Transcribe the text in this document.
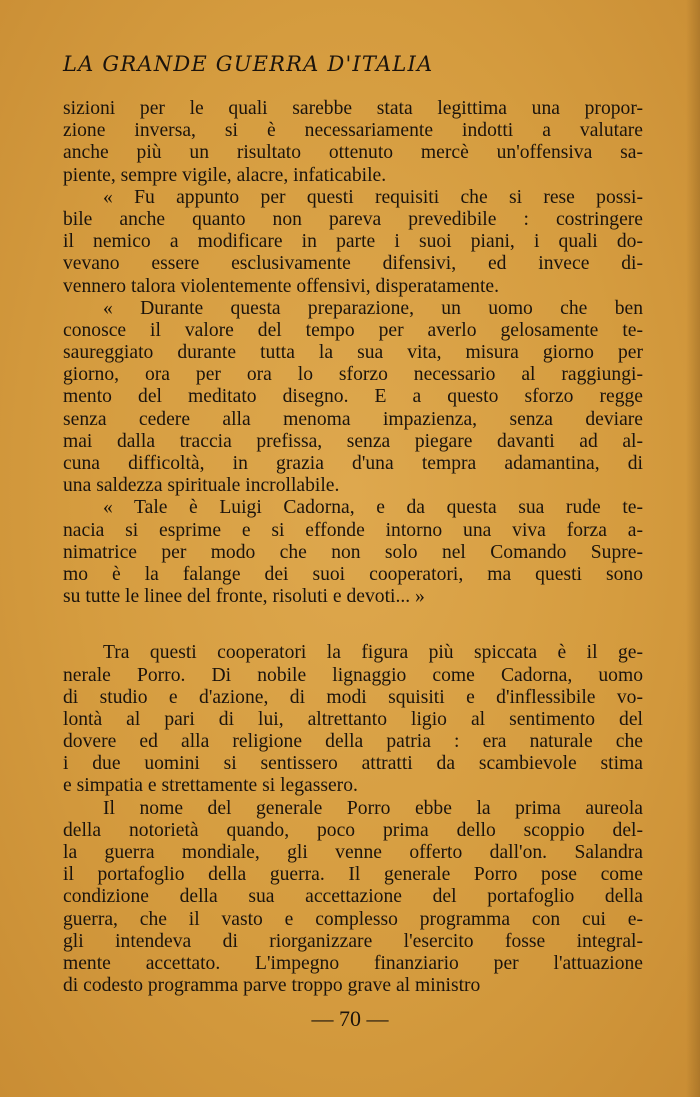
LA GRANDE GUERRA D'ITALIA
sizioni per le quali sarebbe stata legittima una propor-
zione inversa, si è necessariamente indotti a valutare
anche più un risultato ottenuto mercè un'offensiva sa-
piente, sempre vigile, alacre, infaticabile.
« Fu appunto per questi requisiti che si rese possi-
bile anche quanto non pareva prevedibile : costringere
il nemico a modificare in parte i suoi piani, i quali do-
vevano essere esclusivamente difensivi, ed invece di-
vennero talora violentemente offensivi, disperatamente.
« Durante questa preparazione, un uomo che ben
conosce il valore del tempo per averlo gelosamente te-
saureggiato durante tutta la sua vita, misura giorno per
giorno, ora per ora lo sforzo necessario al raggiungi-
mento del meditato disegno. E a questo sforzo regge
senza cedere alla menoma impazienza, senza deviare
mai dalla traccia prefissa, senza piegare davanti ad al-
cuna difficoltà, in grazia d'una tempra adamantina, di
una saldezza spirituale incrollabile.
« Tale è Luigi Cadorna, e da questa sua rude te-
nacia si esprime e si effonde intorno una viva forza a-
nimatrice per modo che non solo nel Comando Supre-
mo è la falange dei suoi cooperatori, ma questi sono
su tutte le linee del fronte, risoluti e devoti... »
Tra questi cooperatori la figura più spiccata è il ge-
nerale Porro. Di nobile lignaggio come Cadorna, uomo
di studio e d'azione, di modi squisiti e d'inflessibile vo-
lontà al pari di lui, altrettanto ligio al sentimento del
dovere ed alla religione della patria : era naturale che
i due uomini si sentissero attratti da scambievole stima
e simpatia e strettamente si legassero.
Il nome del generale Porro ebbe la prima aureola
della notorietà quando, poco prima dello scoppio del-
la guerra mondiale, gli venne offerto dall'on. Salandra
il portafoglio della guerra. Il generale Porro pose come
condizione della sua accettazione del portafoglio della
guerra, che il vasto e complesso programma con cui e-
gli intendeva di riorganizzare l'esercito fosse integral-
mente accettato. L'impegno finanziario per l'attuazione
di codesto programma parve troppo grave al ministro
— 70 —
